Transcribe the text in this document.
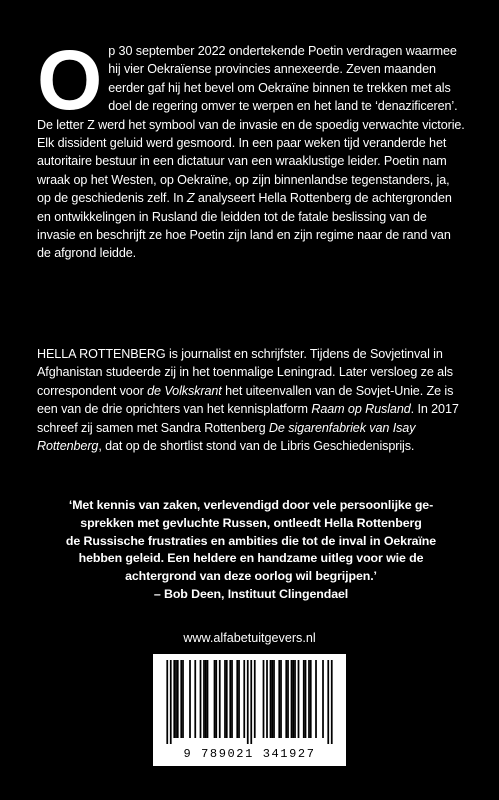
Op 30 september 2022 ondertekende Poetin verdragen waarmee hij vier Oekraïense provincies annexeerde. Zeven maanden eerder gaf hij het bevel om Oekraïne binnen te trekken met als doel de regering omver te werpen en het land te ‘denazificeren’. De letter Z werd het symbool van de invasie en de spoedig verwachte victorie. Elk dissident geluid werd gesmoord. In een paar weken tijd veranderde het autoritaire bestuur in een dictatuur van een wraaklustige leider. Poetin nam wraak op het Westen, op Oekraïne, op zijn binnenlandse tegenstanders, ja, op de geschiedenis zelf. In Z analyseert Hella Rottenberg de achtergronden en ontwikkelingen in Rusland die leidden tot de fatale beslissing van de invasie en beschrijft ze hoe Poetin zijn land en zijn regime naar de rand van de afgrond leidde.
HELLA ROTTENBERG is journalist en schrijfster. Tijdens de Sovjetinval in Afghanistan studeerde zij in het toenmalige Leningrad. Later versloeg ze als correspondent voor de Volkskrant het uiteenvallen van de Sovjet-Unie. Ze is een van de drie oprichters van het kennisplatform Raam op Rusland. In 2017 schreef zij samen met Sandra Rottenberg De sigarenfabriek van Isay Rottenberg, dat op de shortlist stond van de Libris Geschiedenisprijs.
‘Met kennis van zaken, verlevendigd door vele persoonlijke ge-
sprekken met gevluchte Russen, ontleedt Hella Rottenberg
de Russische frustraties en ambities die tot de inval in Oekraïne
hebben geleid. Een heldere en handzame uitleg voor wie de
achtergrond van deze oorlog wil begrijpen.’
– Bob Deen, Instituut Clingendael
www.alfabetuitgevers.nl
9 789021 341927
